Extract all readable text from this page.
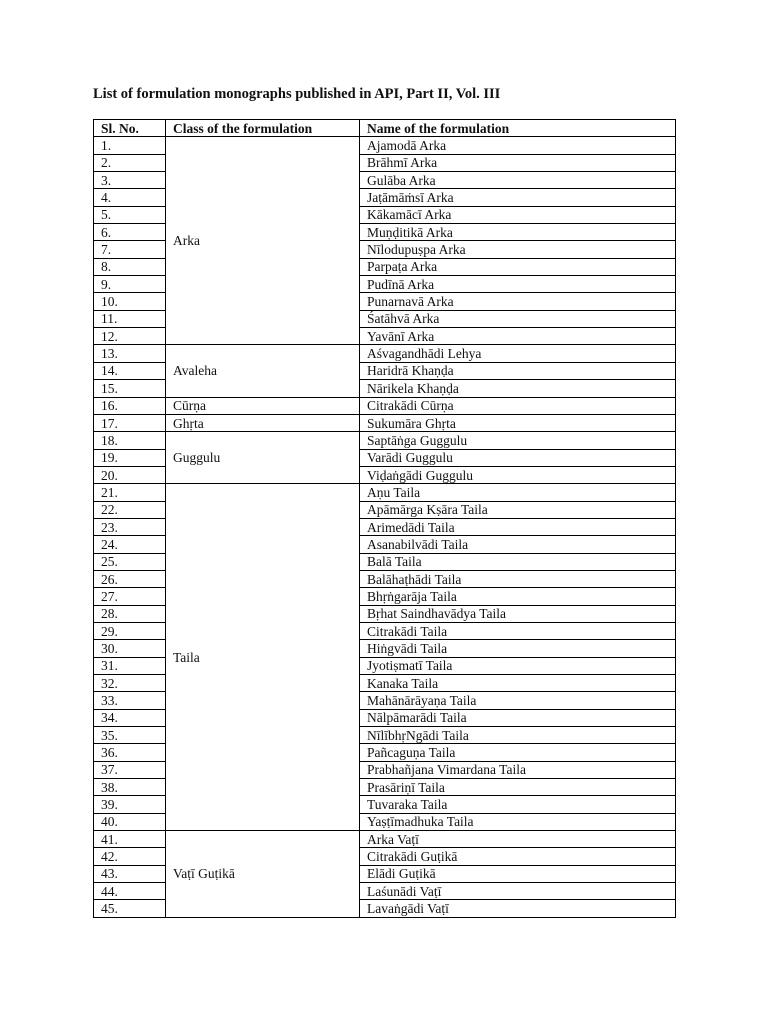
List of formulation monographs published in API, Part II, Vol. III
Sl. No.	Class of the formulation	Name of the formulation
1.	Arka	Ajamodā Arka
2.		Brāhmī Arka
3.		Gulāba Arka
4.		Jaṭāmāṁsī Arka
5.		Kākamācī Arka
6.		Muṇḍitikā Arka
7.		Nīlodupuṣpa Arka
8.		Parpaṭa Arka
9.		Pudīnā Arka
10.		Punarnavā Arka
11.		Śatāhvā Arka
12.		Yavānī Arka
13.	Avaleha	Aśvagandhādi Lehya
14.		Haridrā Khaṇḍa
15.		Nārikela Khaṇḍa
16.	Cūrṇa	Citrakādi Cūrṇa
17.	Ghṛta	Sukumāra Ghṛta
18.	Guggulu	Saptāṅga Guggulu
19.		Varādi Guggulu
20.		Viḍaṅgādi Guggulu
21.	Taila	Aṇu Taila
22.		Apāmārga Kṣāra Taila
23.		Arimedādi Taila
24.		Asanabilvādi Taila
25.		Balā Taila
26.		Balāhaṭhādi Taila
27.		Bhṛṅgarāja Taila
28.		Bṛhat Saindhavādya Taila
29.		Citrakādi Taila
30.		Hiṅgvādi Taila
31.		Jyotiṣmatī Taila
32.		Kanaka Taila
33.		Mahānārāyaṇa Taila
34.		Nālpāmarādi Taila
35.		NīlībhṛNgādi Taila
36.		Pañcaguṇa Taila
37.		Prabhañjana Vimardana Taila
38.		Prasāriṇī Taila
39.		Tuvaraka Taila
40.		Yaṣṭīmadhuka Taila
41.	Vaṭī Guṭikā	Arka Vaṭī
42.		Citrakādi Guṭikā
43.		Elādi Guṭikā
44.		Laśunādi Vaṭī
45.		Lavaṅgādi Vaṭī
